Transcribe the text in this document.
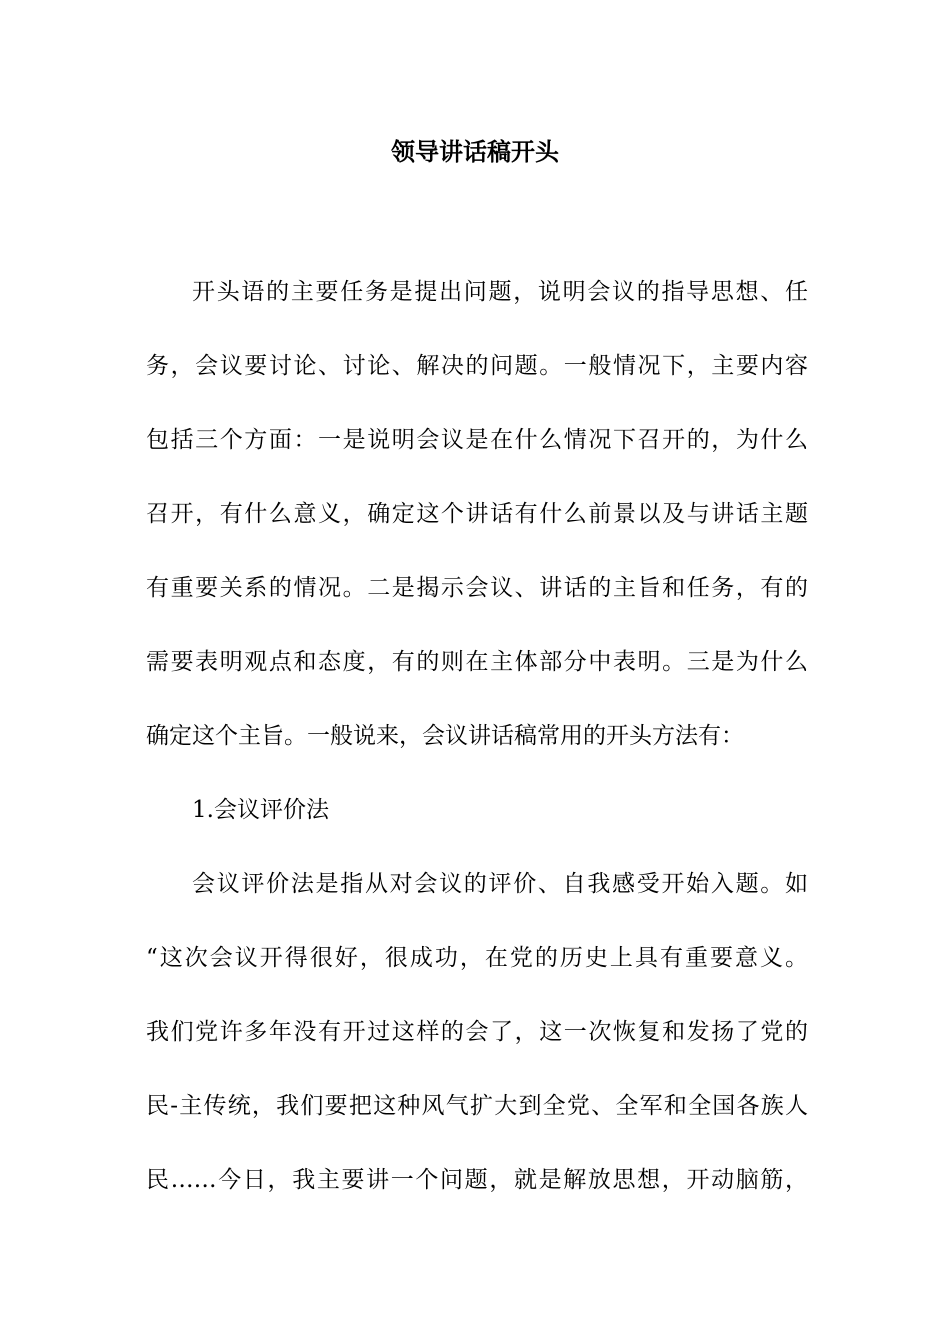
领导讲话稿开头
开头语的主要任务是提出问题，说明会议的指导思想、任
务，会议要讨论、讨论、解决的问题。一般情况下，主要内容
包括三个方面：一是说明会议是在什么情况下召开的，为什么
召开，有什么意义，确定这个讲话有什么前景以及与讲话主题
有重要关系的情况。二是揭示会议、讲话的主旨和任务，有的
需要表明观点和态度，有的则在主体部分中表明。三是为什么
确定这个主旨。一般说来，会议讲话稿常用的开头方法有：
1.会议评价法
会议评价法是指从对会议的评价、自我感受开始入题。如
“这次会议开得很好，很成功，在党的历史上具有重要意义。
我们党许多年没有开过这样的会了，这一次恢复和发扬了党的
民-主传统，我们要把这种风气扩大到全党、全军和全国各族人
民……今日，我主要讲一个问题，就是解放思想，开动脑筋，
